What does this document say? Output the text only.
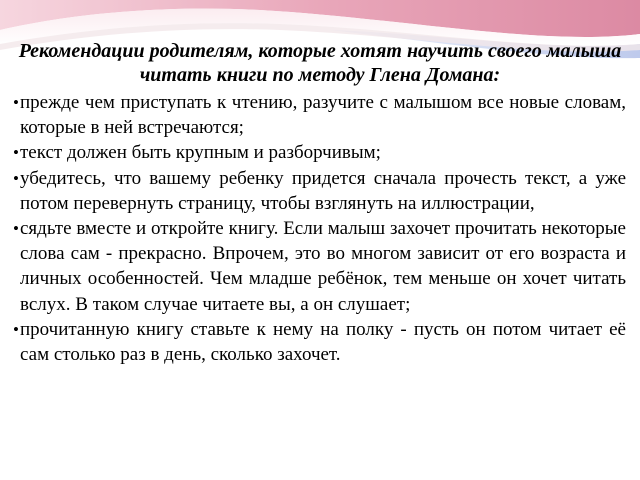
Рекомендации родителям, которые хотят научить своего малыша читать книги по методу Глена Домана:
• прежде чем приступать к чтению, разучите с малышом все новые словам, которые в ней встречаются;
• текст должен быть крупным и разборчивым;
• убедитесь, что вашему ребенку придется сначала прочесть текст, а уже потом перевернуть страницу, чтобы взглянуть на иллюстрации,
• сядьте вместе и откройте книгу. Если малыш захочет прочитать некоторые слова сам - прекрасно. Впрочем, это во многом зависит от его возраста и личных особенностей. Чем младше ребёнок, тем меньше он хочет читать вслух. В таком случае читаете вы, а он слушает;
• прочитанную книгу ставьте к нему на полку - пусть он потом читает её сам столько раз в день, сколько захочет.
